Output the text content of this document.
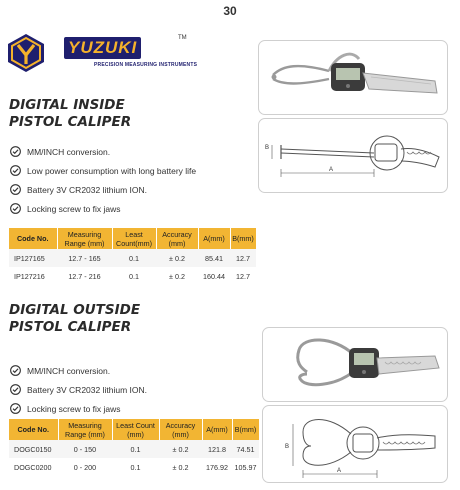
30
YUZUKI	TM
PRECISION MEASURING INSTRUMENTS
DIGITAL INSIDE
PISTOL CALIPER
MM/INCH conversion.
Low power consumption with long battery life
Battery 3V CR2032 lithium ION.
Locking screw to fix jaws
Code No.	Measuring Range (mm)	Least Count(mm)	Accuracy (mm)	A(mm)	B(mm)
IP127165	12.7 - 165	0.1	± 0.2	85.41	12.7
IP127216	12.7 - 216	0.1	± 0.2	160.44	12.7
A
B
DIGITAL OUTSIDE
PISTOL CALIPER
MM/INCH conversion.
Battery 3V CR2032 lithium ION.
Locking screw to fix jaws
Code No.	Measuring Range (mm)	Least Count (mm)	Accuracy (mm)	A(mm)	B(mm)
DOGC0150	0 - 150	0.1	± 0.2	121.8	74.51
DOGC0200	0 - 200	0.1	± 0.2	176.92	105.97	A
B
